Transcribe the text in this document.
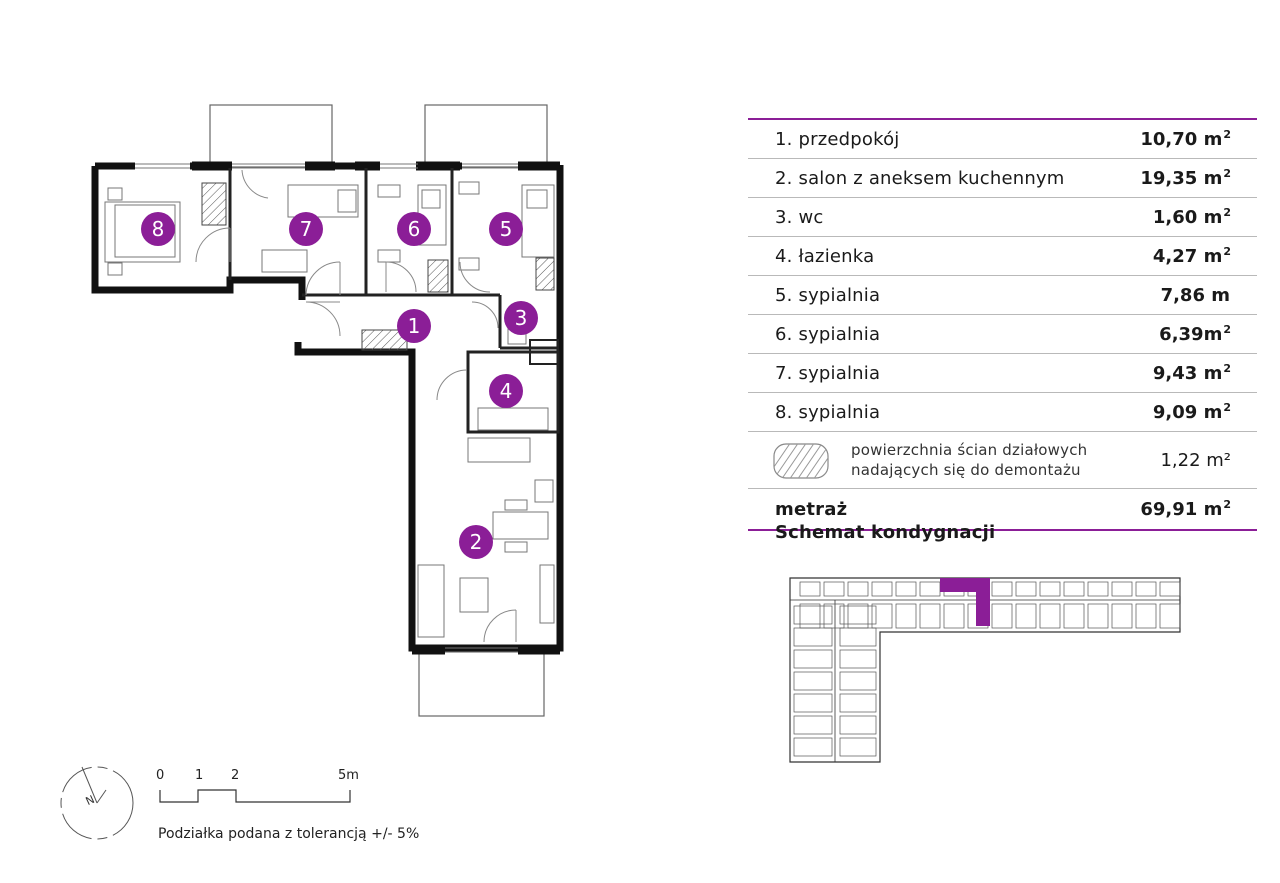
1
2
3
4
5
6
7
8
1. przedpokój	10,70 $m^2$
2. salon z aneksem kuchennym	19,35 $m^2$
3. wc	1,60 $m^2$
4. łazienka	4,27 $m^2$
5. sypialnia	7,86 m
6. sypialnia	$6,39m^2$
7. sypialnia	9,43 $m^2$
8. sypialnia	9,09 $m^2$
powierzchnia ścian działowych
nadających się do demontażu	1,22 m²
metraż	69,91 $m^2$
Schemat kondygnacji
0 1 2	5m
N
Podziałka podana z tolerancją +/- 5%
